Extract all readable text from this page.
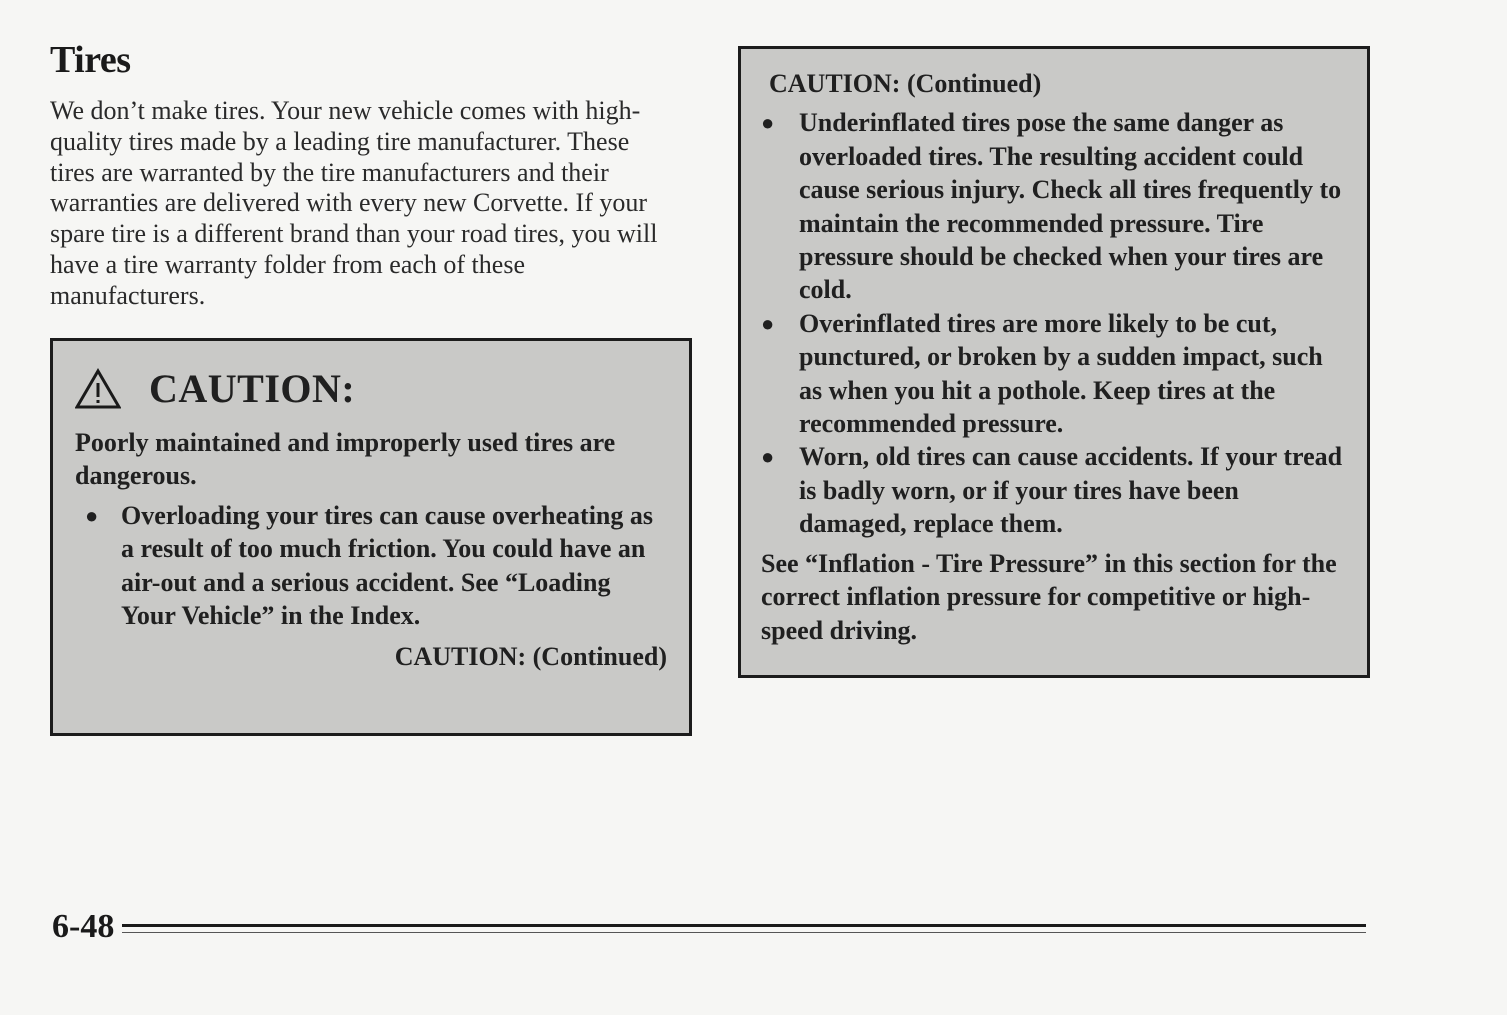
Tires

We don’t make tires. Your new vehicle comes with high-quality tires made by a leading tire manufacturer. These tires are warranted by the tire manufacturers and their warranties are delivered with every new Corvette. If your spare tire is a different brand than your road tires, you will have a tire warranty folder from each of these manufacturers.

CAUTION:

Poorly maintained and improperly used tires are dangerous.

● Overloading your tires can cause overheating as a result of too much friction. You could have an air-out and a serious accident. See “Loading Your Vehicle” in the Index.

CAUTION: (Continued)

CAUTION: (Continued)

● Underinflated tires pose the same danger as overloaded tires. The resulting accident could cause serious injury. Check all tires frequently to maintain the recommended pressure. Tire pressure should be checked when your tires are cold.
● Overinflated tires are more likely to be cut, punctured, or broken by a sudden impact, such as when you hit a pothole. Keep tires at the recommended pressure.
● Worn, old tires can cause accidents. If your tread is badly worn, or if your tires have been damaged, replace them.

See “Inflation - Tire Pressure” in this section for the correct inflation pressure for competitive or high-speed driving.

6-48
